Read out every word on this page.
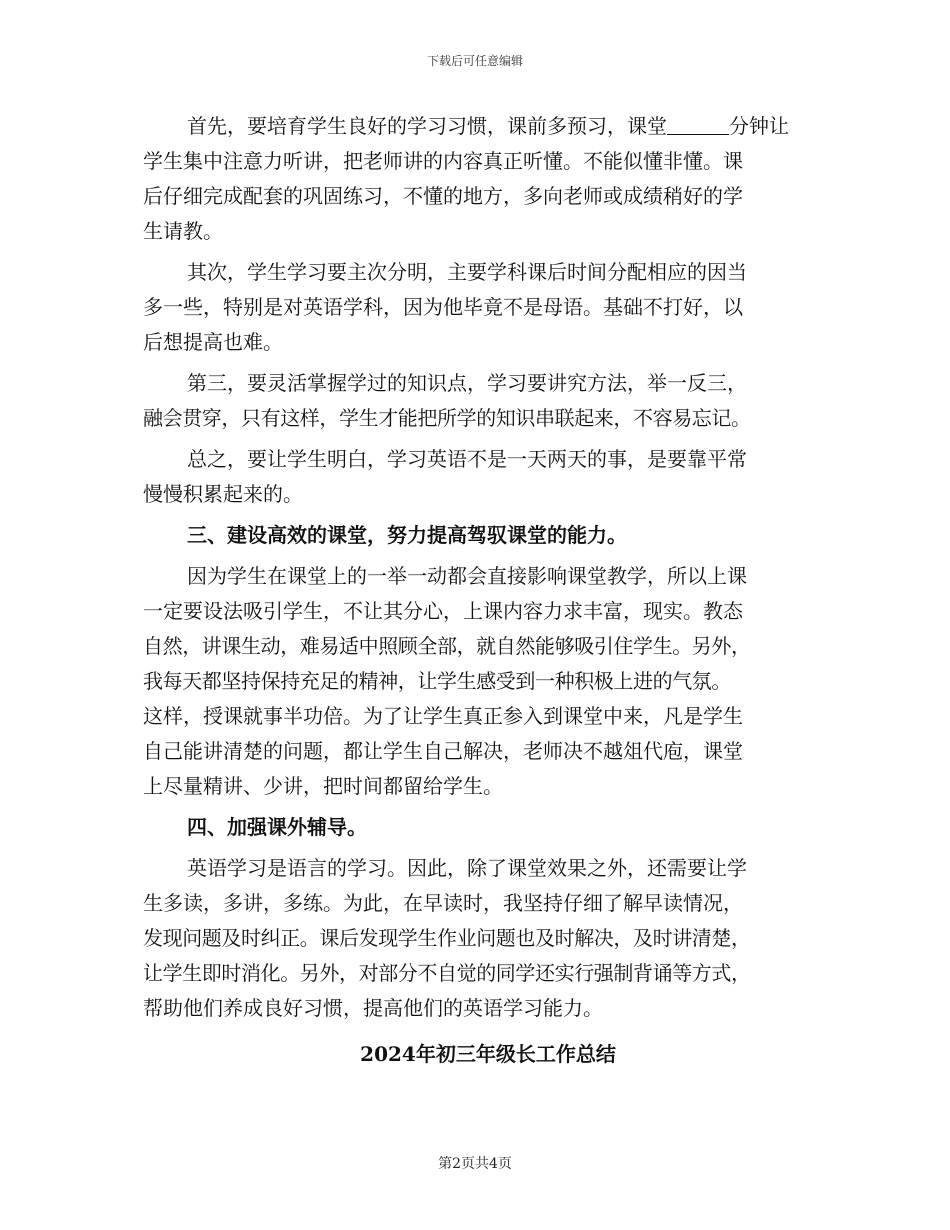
下载后可任意编辑
首先，要培育学生良好的学习习惯，课前多预习，课堂	分钟让
学生集中注意力听讲，把老师讲的内容真正听懂。不能似懂非懂。课
后仔细完成配套的巩固练习，不懂的地方，多向老师或成绩稍好的学
生请教。
其次，学生学习要主次分明，主要学科课后时间分配相应的因当
多一些，特别是对英语学科，因为他毕竟不是母语。基础不打好，以
后想提高也难。
第三，要灵活掌握学过的知识点，学习要讲究方法，举一反三，
融会贯穿，只有这样，学生才能把所学的知识串联起来，不容易忘记。
总之，要让学生明白，学习英语不是一天两天的事，是要靠平常
慢慢积累起来的。
三、建设高效的课堂，努力提高驾驭课堂的能力。
因为学生在课堂上的一举一动都会直接影响课堂教学，所以上课
一定要设法吸引学生，不让其分心，上课内容力求丰富，现实。教态
自然，讲课生动，难易适中照顾全部，就自然能够吸引住学生。另外，
我每天都坚持保持充足的精神，让学生感受到一种积极上进的气氛。
这样，授课就事半功倍。为了让学生真正参入到课堂中来，凡是学生
自己能讲清楚的问题，都让学生自己解决，老师决不越俎代庖，课堂
上尽量精讲、少讲，把时间都留给学生。
四、加强课外辅导。
英语学习是语言的学习。因此，除了课堂效果之外，还需要让学
生多读，多讲，多练。为此，在早读时，我坚持仔细了解早读情况，
发现问题及时纠正。课后发现学生作业问题也及时解决，及时讲清楚，
让学生即时消化。另外，对部分不自觉的同学还实行强制背诵等方式，
帮助他们养成良好习惯，提高他们的英语学习能力。
2024年初三年级长工作总结
第2页共4页
